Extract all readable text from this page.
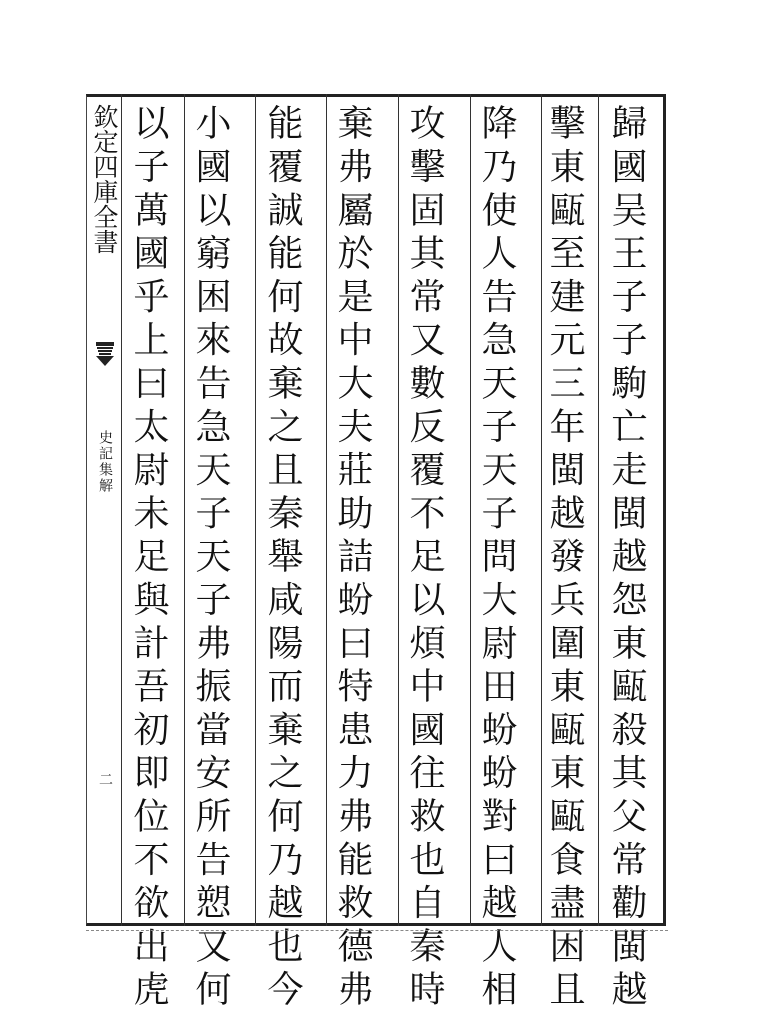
欽定四庫全書
史記集解
二	歸國吴王子子駒亡走閩越怨東甌殺其父常勸閩越
擊東甌至建元三年閩越發兵圍東甌東甌食盡困且
降乃使人告急天子天子問大尉田蚡蚡對曰越人相
攻擊固其常又數反覆不足以煩中國往救也自秦時
棄弗屬於是中大夫莊助詰蚡曰特患力弗能救德弗
能覆誠能何故棄之且秦舉咸陽而棄之何乃越也今
小國以窮困來告急天子天子弗振當安所告愬又何
以子萬國乎上曰太尉未足與計吾初即位不欲出虎
